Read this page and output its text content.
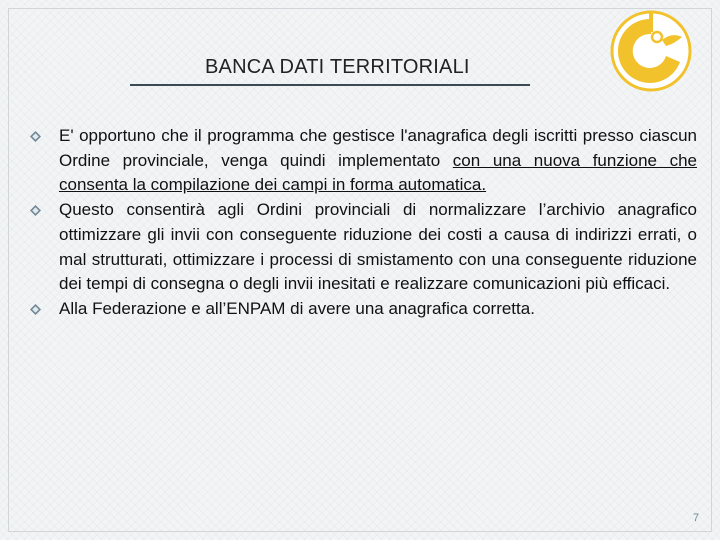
BANCA DATI TERRITORIALI
E' opportuno che il programma che gestisce l'anagrafica degli iscritti presso ciascun Ordine provinciale, venga quindi implementato con una nuova funzione che consenta la compilazione dei campi in forma automatica.
Questo consentirà agli Ordini provinciali di normalizzare l’archivio anagrafico ottimizzare gli invii con conseguente riduzione dei costi a causa di indirizzi errati, o mal strutturati, ottimizzare i processi di smistamento con una conseguente riduzione dei tempi di consegna o degli invii inesitati e realizzare comunicazioni più efficaci.
Alla Federazione e all’ENPAM di avere una anagrafica corretta.
7
